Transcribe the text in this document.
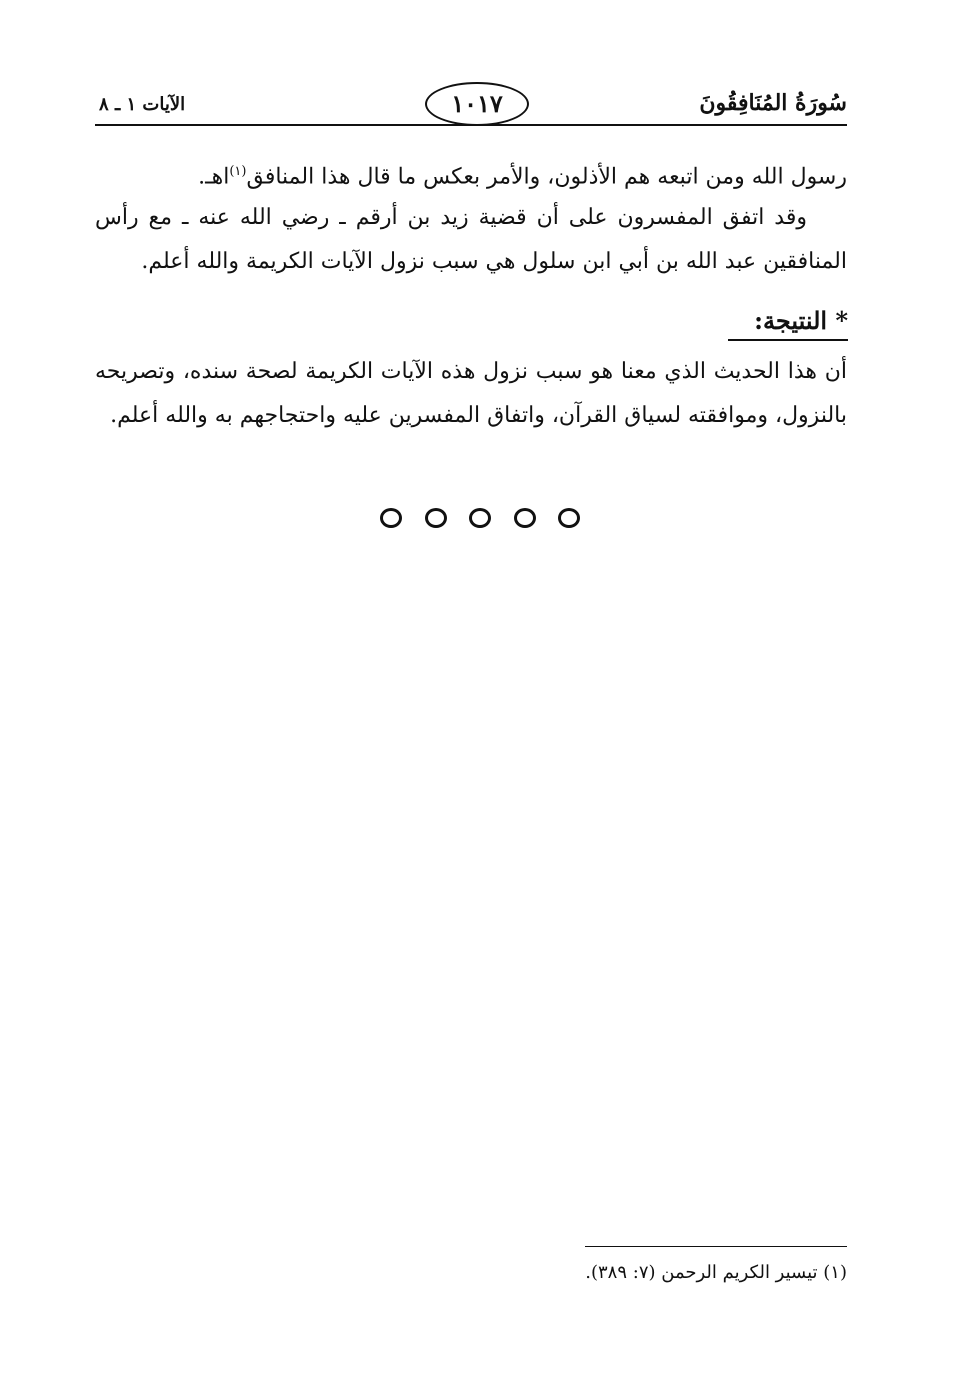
سُورَةُ المُنَافِقُونَ
١٠١٧
الآيات ١ ـ ٨
رسول الله ومن اتبعه هم الأذلون، والأمر بعكس ما قال هذا المنافق$^{(١)}$اهـ.
وقد اتفق المفسرون على أن قضية زيد بن أرقم ـ رضي الله عنه ـ مع رأس المنافقين عبد الله بن أبي ابن سلول هي سبب نزول الآيات الكريمة والله أعلم.
* النتيجة:
أن هذا الحديث الذي معنا هو سبب نزول هذه الآيات الكريمة لصحة سنده، وتصريحه بالنزول، وموافقته لسياق القرآن، واتفاق المفسرين عليه واحتجاجهم به والله أعلم.
(١) تيسير الكريم الرحمن (٧: ٣٨٩).
